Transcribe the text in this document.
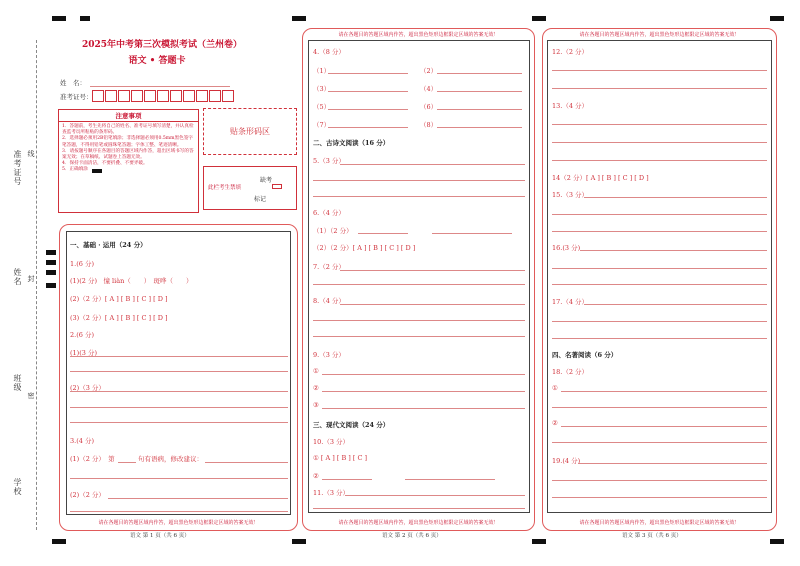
准考证号 线
姓名 封
班级
密
学校
2025年中考第三次模拟考试（兰州卷）
语文 • 答题卡
姓　名：
准考证号：
注意事项
1．答题前，考生先将自己的姓名、准考证号填写清楚，并认真检查监考员所粘贴的条形码。
2．选择题必须用2B铅笔填涂；非选择题必须用0.5mm黑色签字笔答题，不得用铅笔或圆珠笔答题；字体工整、笔迹清晰。
3．请按题号顺序在各题目的答题区域内作答，超出区域书写的答案无效；在草稿纸、试题卷上答题无效。
4．保持卡面清洁，不要折叠、不要弄破。
5．正确填涂
贴条形码区
此栏考生禁填
缺考
标记
一、基础 · 运用（24 分）
1.(6 分)
(1)(2 分)　憧 liàn（　　）　斑哗（　　）
(2)（2 分）[ A ] [ B ] [ C ] [ D ]
(3)（2 分）[ A ] [ B ] [ C ] [ D ]
2.(6 分)
(1)(3 分)
(2)（3 分）
3.(4 分)
(1)（2 分）　第	句有语病，修改建议：
(2)（2 分）
请在各题目的答题区域内作答，超出黑色矩形边框限定区域的答案无效！
语文 第 1 页（共 6 页）
请在各题目的答题区域内作答，超出黑色矩形边框限定区域的答案无效！
4.（8 分）
（1）	（2）
（3）	（4）
（5）	（6）
（7）	（8）
二、古诗文阅读（16 分）
5.（3 分）
6.（4 分）
（1）（2 分）
（2）（2 分）[ A ] [ B ] [ C ] [ D ]
7.（2 分）
8.（4 分）
9.（3 分）
①
②
③
三、现代文阅读（24 分）
10.（3 分）
① [ A ] [ B ] [ C ]
②
11.（3 分）
请在各题目的答题区域内作答，超出黑色矩形边框限定区域的答案无效！
语文 第 2 页（共 6 页）
请在各题目的答题区域内作答，超出黑色矩形边框限定区域的答案无效！
12.（2 分）
13.（4 分）
14（2 分）[ A ] [ B ] [ C ] [ D ]
15.（3 分）
16.(3 分)
17.（4 分）
四、名著阅读（6 分）
18.（2 分）
①
②
19.(4 分)
请在各题目的答题区域内作答，超出黑色矩形边框限定区域的答案无效！
语文 第 3 页（共 6 页）
